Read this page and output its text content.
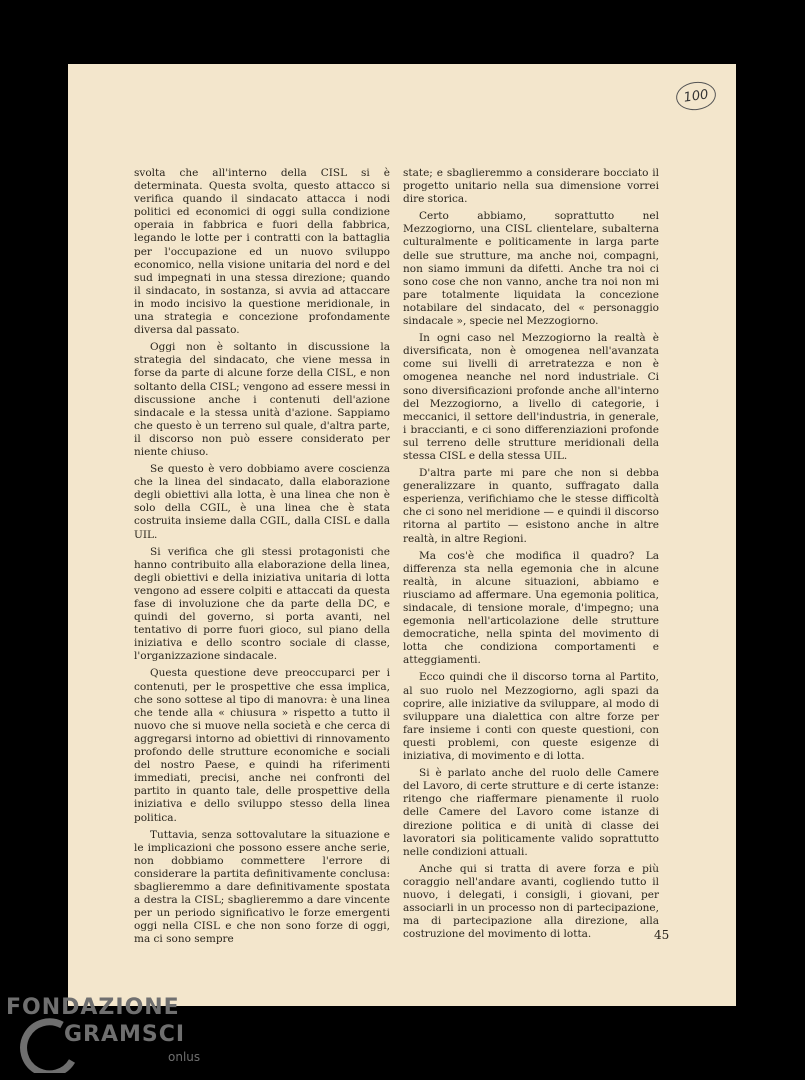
100

svolta che all'interno della CISL si è determinata. Questa svolta, questo attacco si verifica quando il sindacato attacca i nodi politici ed economici di oggi sulla condizione operaia in fabbrica e fuori della fabbrica, legando le lotte per i contratti con la battaglia per l'occupazione ed un nuovo sviluppo economico, nella visione unitaria del nord e del sud impegnati in una stessa direzione; quando il sindacato, in sostanza, si avvia ad attaccare in modo incisivo la questione meridionale, in una strategia e concezione profondamente diversa dal passato.

Oggi non è soltanto in discussione la strategia del sindacato, che viene messa in forse da parte di alcune forze della CISL, e non soltanto della CISL; vengono ad essere messi in discussione anche i contenuti dell'azione sindacale e la stessa unità d'azione. Sappiamo che questo è un terreno sul quale, d'altra parte, il discorso non può essere considerato per niente chiuso.

Se questo è vero dobbiamo avere coscienza che la linea del sindacato, dalla elaborazione degli obiettivi alla lotta, è una linea che non è solo della CGIL, è una linea che è stata costruita insieme dalla CGIL, dalla CISL e dalla UIL.

Si verifica che gli stessi protagonisti che hanno contribuito alla elaborazione della linea, degli obiettivi e della iniziativa unitaria di lotta vengono ad essere colpiti e attaccati da questa fase di involuzione che da parte della DC, e quindi del governo, si porta avanti, nel tentativo di porre fuori gioco, sul piano della iniziativa e dello scontro sociale di classe, l'organizzazione sindacale.

Questa questione deve preoccuparci per i contenuti, per le prospettive che essa implica, che sono sottese al tipo di manovra: è una linea che tende alla « chiusura » rispetto a tutto il nuovo che si muove nella società e che cerca di aggregarsi intorno ad obiettivi di rinnovamento profondo delle strutture economiche e sociali del nostro Paese, e quindi ha riferimenti immediati, precisi, anche nei confronti del partito in quanto tale, delle prospettive della iniziativa e dello sviluppo stesso della linea politica.

Tuttavia, senza sottovalutare la situazione e le implicazioni che possono essere anche serie, non dobbiamo commettere l'errore di considerare la partita definitivamente conclusa: sbaglieremmo a dare definitivamente spostata a destra la CISL; sbaglieremmo a dare vincente per un periodo significativo le forze emergenti oggi nella CISL e che non sono forze di oggi, ma ci sono sempre

state; e sbaglieremmo a considerare bocciato il progetto unitario nella sua dimensione vorrei dire storica.

Certo abbiamo, soprattutto nel Mezzogiorno, una CISL clientelare, subalterna culturalmente e politicamente in larga parte delle sue strutture, ma anche noi, compagni, non siamo immuni da difetti. Anche tra noi ci sono cose che non vanno, anche tra noi non mi pare totalmente liquidata la concezione notabilare del sindacato, del « personaggio sindacale », specie nel Mezzogiorno.

In ogni caso nel Mezzogiorno la realtà è diversificata, non è omogenea nell'avanzata come sui livelli di arretratezza e non è omogenea neanche nel nord industriale. Ci sono diversificazioni profonde anche all'interno del Mezzogiorno, a livello di categorie, i meccanici, il settore dell'industria, in generale, i braccianti, e ci sono differenziazioni profonde sul terreno delle strutture meridionali della stessa CISL e della stessa UIL.

D'altra parte mi pare che non si debba generalizzare in quanto, suffragato dalla esperienza, verifichiamo che le stesse difficoltà che ci sono nel meridione — e quindi il discorso ritorna al partito — esistono anche in altre realtà, in altre Regioni.

Ma cos'è che modifica il quadro? La differenza sta nella egemonia che in alcune realtà, in alcune situazioni, abbiamo e riusciamo ad affermare. Una egemonia politica, sindacale, di tensione morale, d'impegno; una egemonia nell'articolazione delle strutture democratiche, nella spinta del movimento di lotta che condiziona comportamenti e atteggiamenti.

Ecco quindi che il discorso torna al Partito, al suo ruolo nel Mezzogiorno, agli spazi da coprire, alle iniziative da sviluppare, al modo di sviluppare una dialettica con altre forze per fare insieme i conti con queste questioni, con questi problemi, con queste esigenze di iniziativa, di movimento e di lotta.

Si è parlato anche del ruolo delle Camere del Lavoro, di certe strutture e di certe istanze: ritengo che riaffermare pienamente il ruolo delle Camere del Lavoro come istanze di direzione politica e di unità di classe dei lavoratori sia politicamente valido soprattutto nelle condizioni attuali.

Anche qui si tratta di avere forza e più coraggio nell'andare avanti, cogliendo tutto il nuovo, i delegati, i consigli, i giovani, per associarli in un processo non di partecipazione, ma di partecipazione alla direzione, alla costruzione del movimento di lotta.	45
FONDAZIONE
GRAMSCI
onlus
